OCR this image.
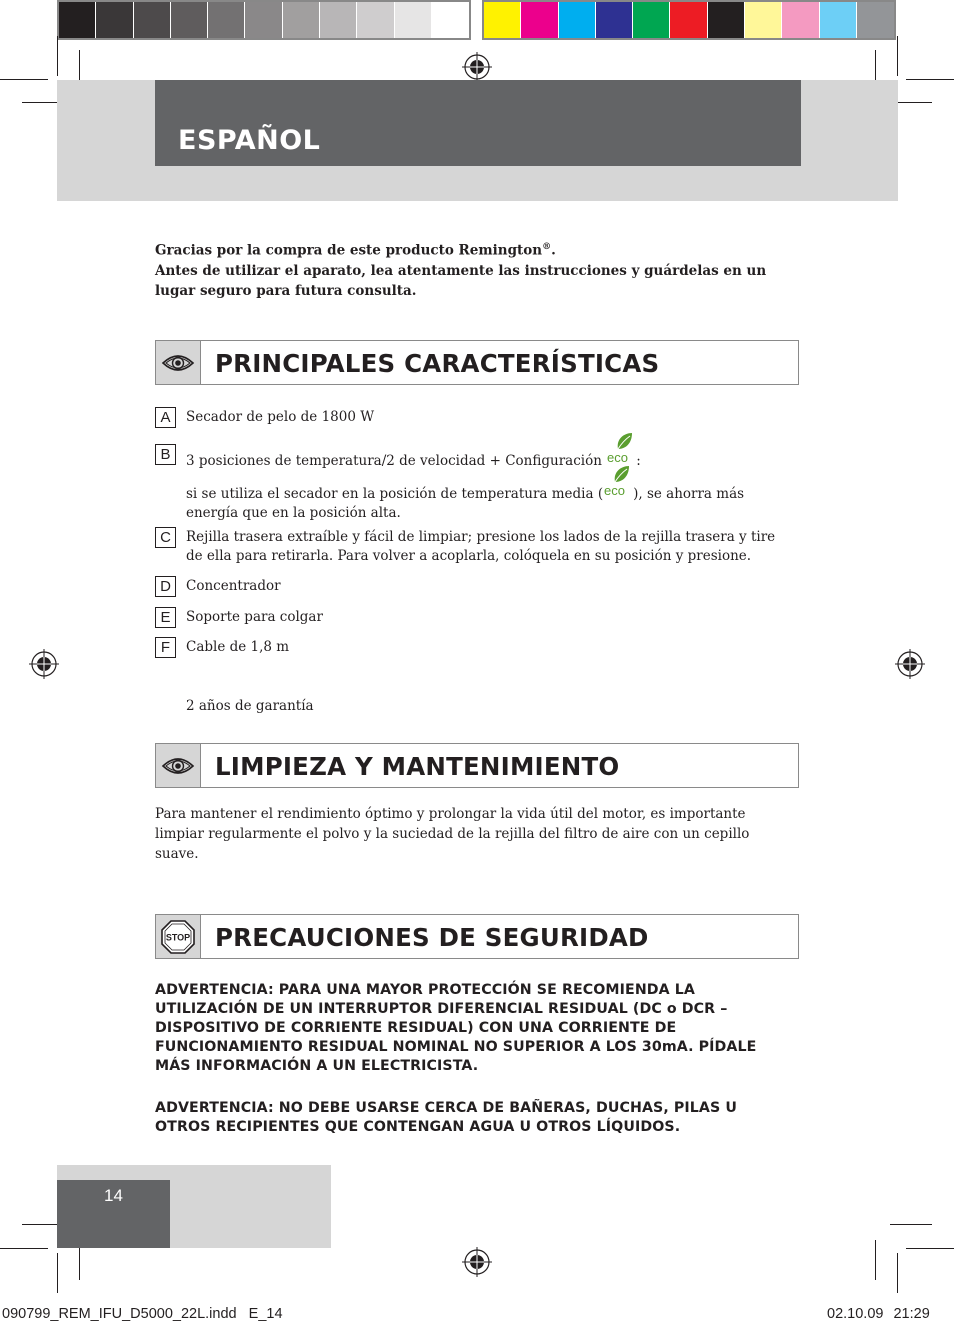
ESPAÑOL
Gracias por la compra de este producto Remington®.
Antes de utilizar el aparato, lea atentamente las instrucciones y guárdelas en un lugar seguro para futura consulta.
PRINCIPALES CARACTERÍSTICAS
A	Secador de pelo de 1800 W
B	3 posiciones de temperatura/2 de velocidad + Configuración eco :
si se utiliza el secador en la posición de temperatura media ( eco ), se ahorra más energía que en la posición alta.
C	Rejilla trasera extraíble y fácil de limpiar; presione los lados de la rejilla trasera y tire de ella para retirarla. Para volver a acoplarla, colóquela en su posición y presione.
D	Concentrador
E	Soporte para colgar
F	Cable de 1,8 m
2 años de garantía
LIMPIEZA Y MANTENIMIENTO
Para mantener el rendimiento óptimo y prolongar la vida útil del motor, es importante limpiar regularmente el polvo y la suciedad de la rejilla del filtro de aire con un cepillo suave.
STOP PRECAUCIONES DE SEGURIDAD
ADVERTENCIA: PARA UNA MAYOR PROTECCIÓN SE RECOMIENDA LA UTILIZACIÓN DE UN INTERRUPTOR DIFERENCIAL RESIDUAL (DC o DCR – DISPOSITIVO DE CORRIENTE RESIDUAL) CON UNA CORRIENTE DE FUNCIONAMIENTO RESIDUAL NOMINAL NO SUPERIOR A LOS 30mA. PÍDALE MÁS INFORMACIÓN A UN ELECTRICISTA.
ADVERTENCIA: NO DEBE USARSE CERCA DE BAÑERAS, DUCHAS, PILAS U OTROS RECIPIENTES QUE CONTENGAN AGUA U OTROS LÍQUIDOS.
14
090799_REM_IFU_D5000_22L.indd   E_14	02.10.09 21:29
